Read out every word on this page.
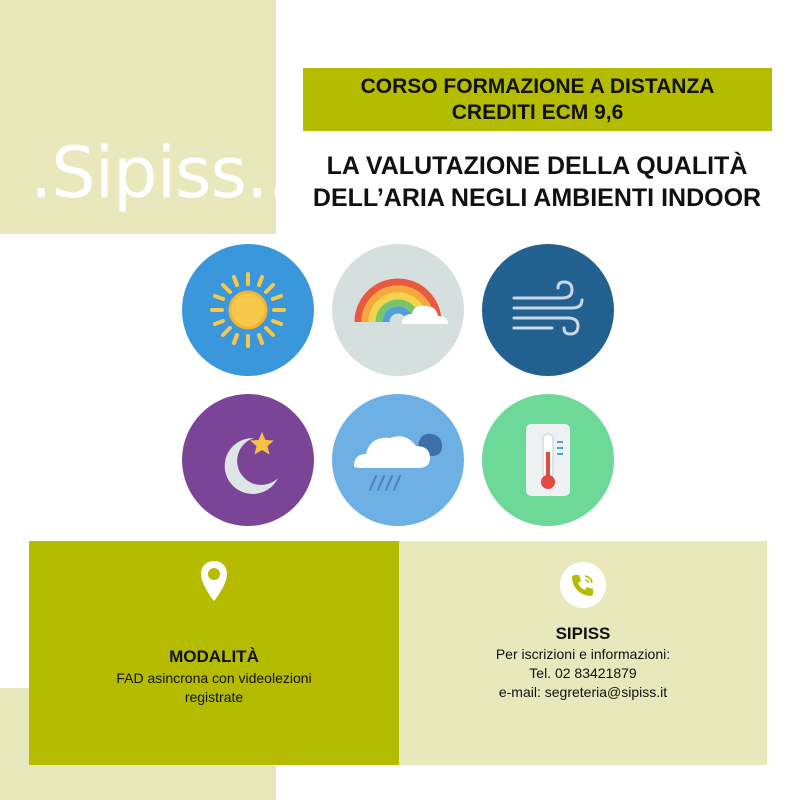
.Sipiss..
CORSO FORMAZIONE A DISTANZA
CREDITI ECM 9,6
LA VALUTAZIONE DELLA QUALITÀ
DELL’ARIA NEGLI AMBIENTI INDOOR
MODALITÀ
FAD asincrona con videolezioni
registrate
SIPISS
Per iscrizioni e informazioni:
Tel. 02 83421879
e-mail: segreteria@sipiss.it
